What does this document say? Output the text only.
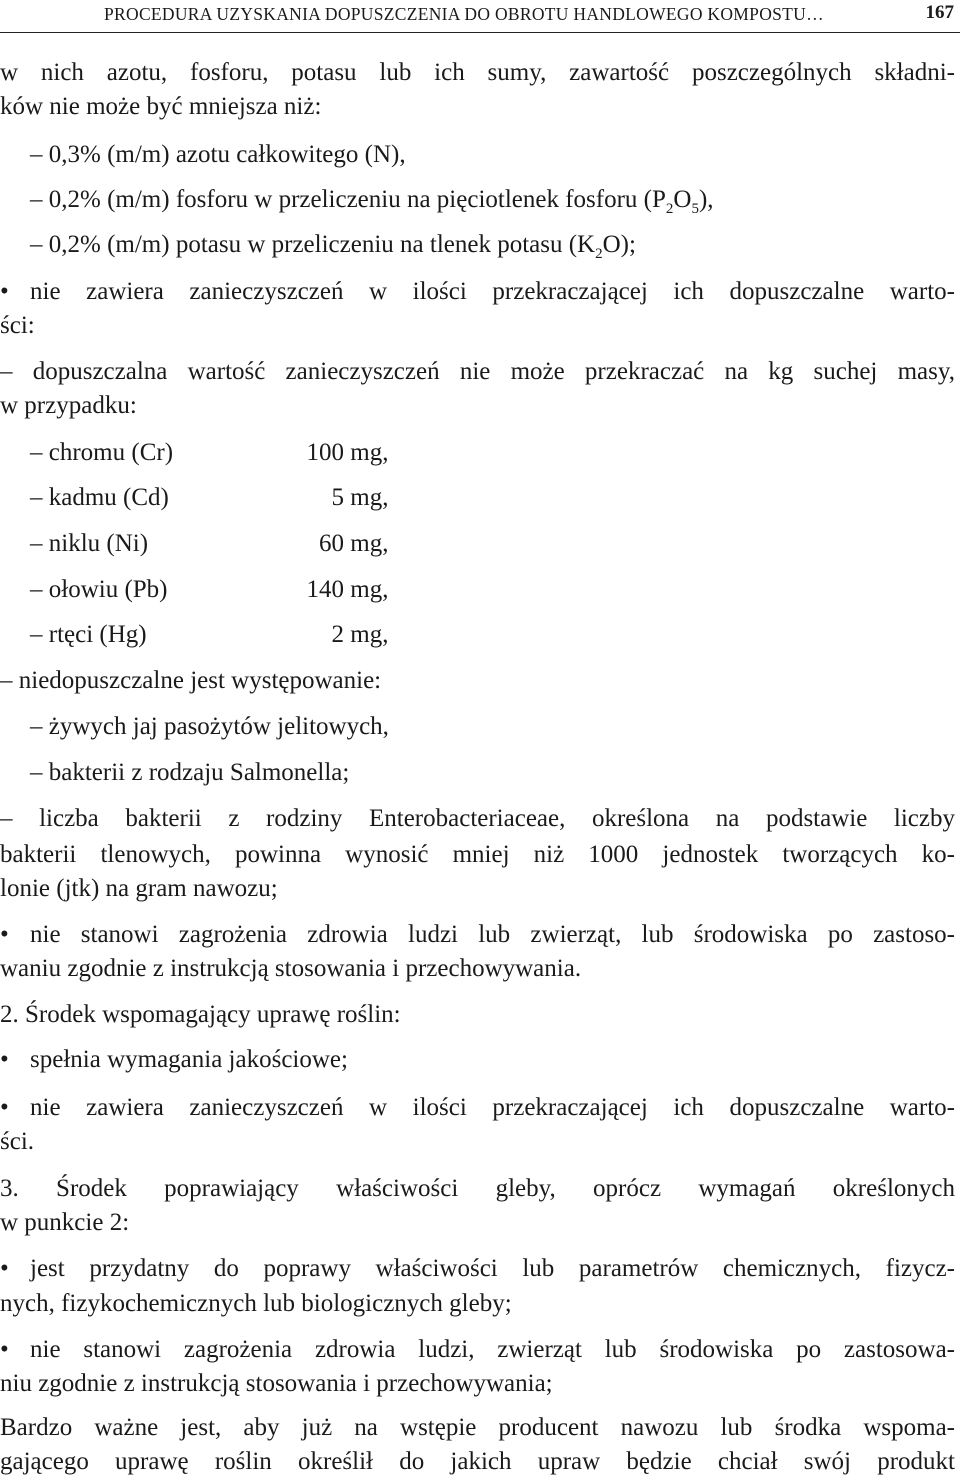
PROCEDURA UZYSKANIA DOPUSZCZENIA DO OBROTU HANDLOWEGO KOMPOSTU…	167
w nich azotu, fosforu, potasu lub ich sumy, zawartość poszczególnych składni-
ków nie może być mniejsza niż:
– 0,3% (m/m) azotu całkowitego (N),
– 0,2% (m/m) fosforu w przeliczeniu na pięciotlenek fosforu $(P_2O_5)$,
– 0,2% (m/m) potasu w przeliczeniu na tlenek potasu $(K_2O)$;
• nie zawiera zanieczyszczeń w ilości przekraczającej ich dopuszczalne warto-
ści:
– dopuszczalna wartość zanieczyszczeń nie może przekraczać na kg suchej masy,
w przypadku:
– chromu (Cr)	100 mg,
– kadmu (Cd)	5 mg,
– niklu (Ni)	60 mg,
– ołowiu (Pb)	140 mg,
– rtęci (Hg)	2 mg,
– niedopuszczalne jest występowanie:
– żywych jaj pasożytów jelitowych,
– bakterii z rodzaju Salmonella;
– liczba bakterii z rodziny Enterobacteriaceae, określona na podstawie liczby
bakterii tlenowych, powinna wynosić mniej niż 1000 jednostek tworzących ko-
lonie (jtk) na gram nawozu;
• nie stanowi zagrożenia zdrowia ludzi lub zwierząt, lub środowiska po zastoso-
waniu zgodnie z instrukcją stosowania i przechowywania.
2. Środek wspomagający uprawę roślin:
• spełnia wymagania jakościowe;
• nie zawiera zanieczyszczeń w ilości przekraczającej ich dopuszczalne warto-
ści.
3. Środek poprawiający właściwości gleby, oprócz wymagań określonych
w punkcie 2:
• jest przydatny do poprawy właściwości lub parametrów chemicznych, fizycz-
nych, fizykochemicznych lub biologicznych gleby;
• nie stanowi zagrożenia zdrowia ludzi, zwierząt lub środowiska po zastosowa-
niu zgodnie z instrukcją stosowania i przechowywania;
Bardzo ważne jest, aby już na wstępie producent nawozu lub środka wspoma-
gającego uprawę roślin określił do jakich upraw będzie chciał swój produkt
